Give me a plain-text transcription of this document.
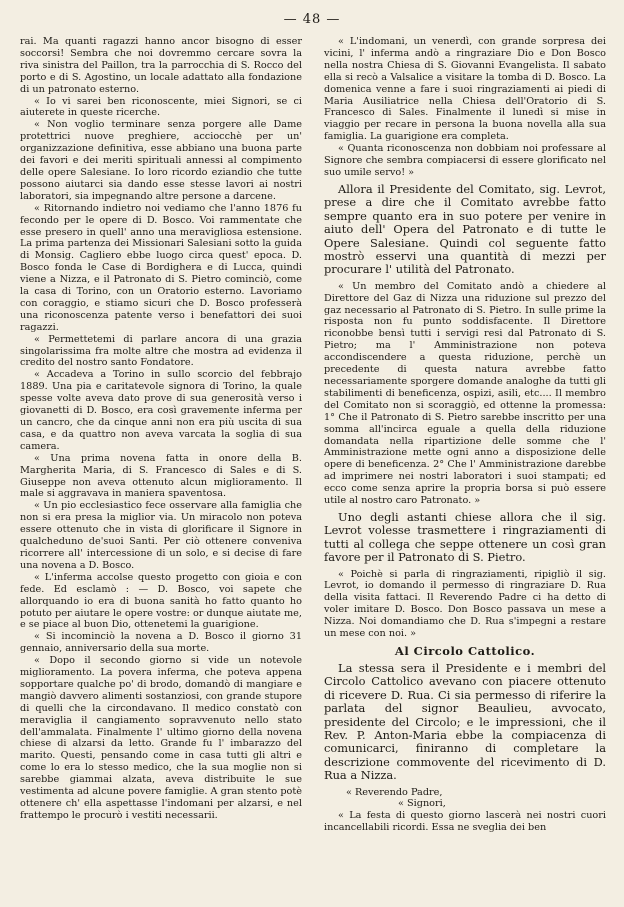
— 48 —

rai. Ma quanti ragazzi hanno ancor bisogno di esser soccorsi! Sembra che noi dovremmo cercare sovra la riva sinistra del Paillon, tra la parrocchia di S. Rocco del porto e di S. Agostino, un locale adattato alla fondazione di un patronato esterno.

« Io vi sarei ben riconoscente, miei Signori, se ci aiuterete in queste ricerche.

« Non voglio terminare senza porgere alle Dame protettrici nuove preghiere, acciocchè per un' organizzazione definitiva, esse abbiano una buona parte dei favori e dei meriti spirituali annessi al compimento delle opere Salesiane. Io loro ricordo eziandio che tutte possono aiutarci sia dando esse stesse lavori ai nostri laboratori, sia impegnando altre persone a darcene.

« Ritornando indietro noi vediamo che l'anno 1876 fu fecondo per le opere di D. Bosco. Voi rammentate che esse presero in quell' anno una meravigliosa estensione. La prima partenza dei Missionari Salesiani sotto la guida di Monsig. Cagliero ebbe luogo circa quest' epoca. D. Bosco fonda le Case di Bordighera e di Lucca, quindi viene a Nizza, e il Patronato di S. Pietro cominciò, come la casa di Torino, con un Oratorio esterno. Lavoriamo con coraggio, e stiamo sicuri che D. Bosco professerà una riconoscenza patente verso i benefattori dei suoi ragazzi.

« Permettetemi di parlare ancora di una grazia singolarissima fra molte altre che mostra ad evidenza il credito del nostro santo Fondatore.

« Accadeva a Torino in sullo scorcio del febbrajo 1889. Una pia e caritatevole signora di Torino, la quale spesse volte aveva dato prove di sua generosità verso i giovanetti di D. Bosco, era così gravemente inferma per un cancro, che da cinque anni non era più uscita di sua casa, e da quattro non aveva varcata la soglia di sua camera.

« Una prima novena fatta in onore della B. Margherita Maria, di S. Francesco di Sales e di S. Giuseppe non aveva ottenuto alcun miglioramento. Il male si aggravava in maniera spaventosa.

« Un pio ecclesiastico fece osservare alla famiglia che non si era presa la miglior via. Un miracolo non poteva essere ottenuto che in vista di glorificare il Signore in qualcheduno de'suoi Santi. Per ciò ottenere conveniva ricorrere all' intercessione di un solo, e si decise di fare una novena a D. Bosco.

« L'inferma accolse questo progetto con gioia e con fede. Ed esclamò : — D. Bosco, voi sapete che allorquando io era di buona sanità ho fatto quanto ho potuto per aiutare le opere vostre: or dunque aiutate me, e se piace al buon Dio, ottenetemi la guarigione.

« Si incominciò la novena a D. Bosco il giorno 31 gennaio, anniversario della sua morte.

« Dopo il secondo giorno si vide un notevole miglioramento. La povera inferma, che poteva appena sopportare qualche po' di brodo, domandò di mangiare e mangiò davvero alimenti sostanziosi, con grande stupore di quelli che la circondavano. Il medico constatò con meraviglia il cangiamento sopravvenuto nello stato dell'ammalata. Finalmente l' ultimo giorno della novena chiese di alzarsi da letto. Grande fu l' imbarazzo del marito. Questi, pensando come in casa tutti gli altri e come lo era lo stesso medico, che la sua moglie non si sarebbe giammai alzata, aveva distribuite le sue vestimenta ad alcune povere famiglie. A gran stento potè ottenere ch' ella aspettasse l'indomani per alzarsi, e nel frattempo le procurò i vestiti necessarii.

« L'indomani, un venerdì, con grande sorpresa dei vicini, l' inferma andò a ringraziare Dio e Don Bosco nella nostra Chiesa di S. Giovanni Evangelista. Il sabato ella si recò a Valsalice a visitare la tomba di D. Bosco. La domenica venne a fare i suoi ringraziamenti ai piedi di Maria Ausiliatrice nella Chiesa dell'Oratorio di S. Francesco di Sales. Finalmente il lunedì si mise in viaggio per recare in persona la buona novella alla sua famiglia. La guarigione era completa.

« Quanta riconoscenza non dobbiam noi professare al Signore che sembra compiacersi di essere glorificato nel suo umile servo! »

Allora il Presidente del Comitato, sig. Levrot, prese a dire che il Comitato avrebbe fatto sempre quanto era in suo potere per venire in aiuto dell' Opera del Patronato e di tutte le Opere Salesiane. Quindi col seguente fatto mostrò esservi una quantità di mezzi per procurare l' utilità del Patronato.

« Un membro del Comitato andò a chiedere al Direttore del Gaz di Nizza una riduzione sul prezzo del gaz necessario al Patronato di S. Pietro. In sulle prime la risposta non fu punto soddisfacente. Il Direttore riconobbe bensì tutti i servigi resi dal Patronato di S. Pietro; ma l' Amministrazione non poteva accondiscendere a questa riduzione, perchè un precedente di questa natura avrebbe fatto necessariamente sporgere domande analoghe da tutti gli stabilimenti di beneficenza, ospizi, asili, etc.... Il membro del Comitato non si scoraggiò, ed ottenne la promessa: 1° Che il Patronato di S. Pietro sarebbe inscritto per una somma all'incirca eguale a quella della riduzione domandata nella ripartizione delle somme che l' Amministrazione mette ogni anno a disposizione delle opere di beneficenza. 2° Che l' Amministrazione darebbe ad imprimere nei nostri laboratori i suoi stampati; ed ecco come senza aprire la propria borsa si può essere utile al nostro caro Patronato. »

Uno degli astanti chiese allora che il sig. Levrot volesse trasmettere i ringraziamenti di tutti al collega che seppe ottenere un così gran favore per il Patronato di S. Pietro.

« Poichè si parla di ringraziamenti, ripigliò il sig. Levrot, io domando il permesso di ringraziare D. Rua della visita fattaci. Il Reverendo Padre ci ha detto di voler imitare D. Bosco. Don Bosco passava un mese a Nizza. Noi domandiamo che D. Rua s'impegni a restare un mese con noi. »

Al Circolo Cattolico.

La stessa sera il Presidente e i membri del Circolo Cattolico avevano con piacere ottenuto di ricevere D. Rua. Ci sia permesso di riferire la parlata del signor Beaulieu, avvocato, presidente del Circolo; e le impressioni, che il Rev. P. Anton-Maria ebbe la compiacenza di comunicarci, finiranno di completare la descrizione commovente del ricevimento di D. Rua a Nizza.

« Reverendo Padre,

« Signori,

« La festa di questo giorno lascerà nei nostri cuori incancellabili ricordi. Essa ne sveglia dei ben
